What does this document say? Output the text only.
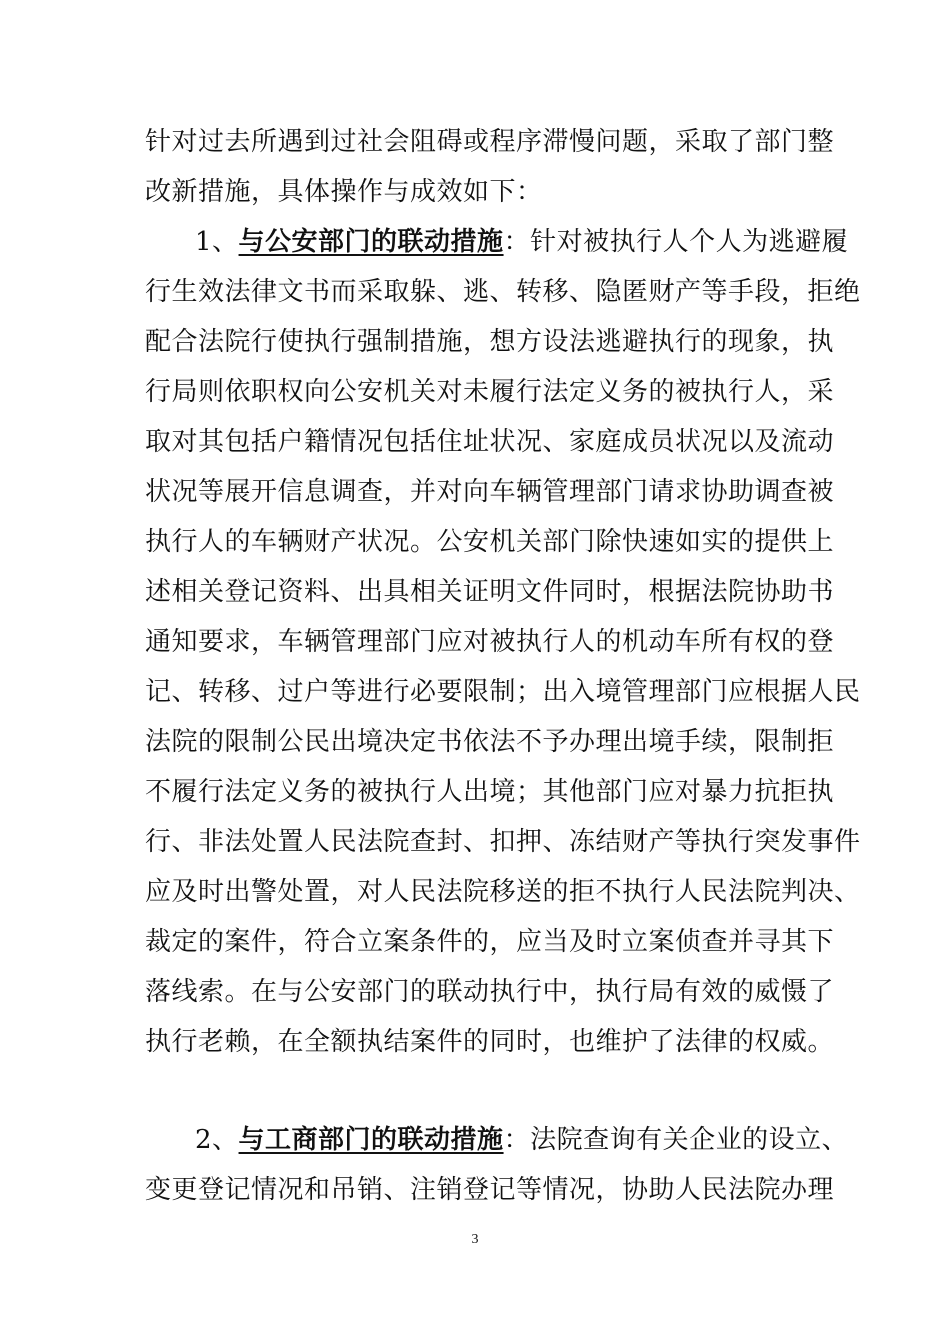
针对过去所遇到过社会阻碍或程序滞慢问题，采取了部门整
改新措施，具体操作与成效如下：
1、与公安部门的联动措施：针对被执行人个人为逃避履
行生效法律文书而采取躲、逃、转移、隐匿财产等手段，拒绝
配合法院行使执行强制措施，想方设法逃避执行的现象，执
行局则依职权向公安机关对未履行法定义务的被执行人，采
取对其包括户籍情况包括住址状况、家庭成员状况以及流动
状况等展开信息调查，并对向车辆管理部门请求协助调查被
执行人的车辆财产状况。公安机关部门除快速如实的提供上
述相关登记资料、出具相关证明文件同时，根据法院协助书
通知要求，车辆管理部门应对被执行人的机动车所有权的登
记、转移、过户等进行必要限制；出入境管理部门应根据人民
法院的限制公民出境决定书依法不予办理出境手续，限制拒
不履行法定义务的被执行人出境；其他部门应对暴力抗拒执
行、非法处置人民法院查封、扣押、冻结财产等执行突发事件
应及时出警处置，对人民法院移送的拒不执行人民法院判决、
裁定的案件，符合立案条件的，应当及时立案侦查并寻其下
落线索。在与公安部门的联动执行中，执行局有效的威慑了
执行老赖，在全额执结案件的同时，也维护了法律的权威。
2、与工商部门的联动措施：法院查询有关企业的设立、
变更登记情况和吊销、注销登记等情况，协助人民法院办理
3
